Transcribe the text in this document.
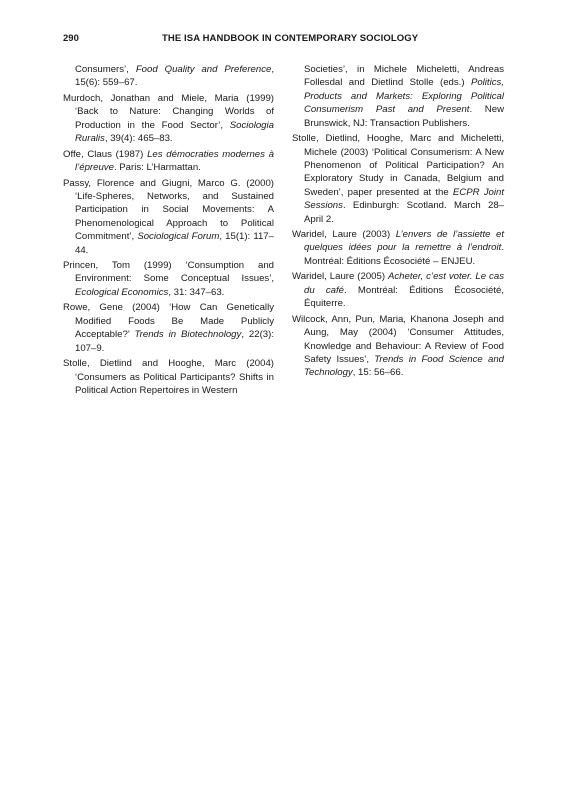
290	THE ISA HANDBOOK IN CONTEMPORARY SOCIOLOGY

Consumers’, Food Quality and Preference, 15(6): 559–67.

Murdoch, Jonathan and Miele, Maria (1999) ‘Back to Nature: Changing Worlds of Production in the Food Sector’, Sociologia Ruralis, 39(4): 465–83.

Offe, Claus (1987) Les démocraties modernes à l’épreuve. Paris: L’Harmattan.

Passy, Florence and Giugni, Marco G. (2000) ‘Life-Spheres, Networks, and Sustained Participation in Social Movements: A Phenomenological Approach to Political Commitment’, Sociological Forum, 15(1): 117–44.

Princen, Tom (1999) ‘Consumption and Environment: Some Conceptual Issues’, Ecological Economics, 31: 347–63.

Rowe, Gene (2004) ‘How Can Genetically Modified Foods Be Made Publicly Acceptable?’ Trends in Biotechnology, 22(3): 107–9.

Stolle, Dietlind and Hooghe, Marc (2004) ‘Consumers as Political Participants? Shifts in Political Action Repertoires in Western

Societies’, in Michele Micheletti, Andreas Follesdal and Dietlind Stolle (eds.) Politics, Products and Markets: Exploring Political Consumerism Past and Present. New Brunswick, NJ: Transaction Publishers.

Stolle, Dietlind, Hooghe, Marc and Micheletti, Michele (2003) ‘Political Consumerism: A New Phenomenon of Political Participation? An Exploratory Study in Canada, Belgium and Sweden’, paper presented at the ECPR Joint Sessions. Edinburgh: Scotland. March 28–April 2.

Waridel, Laure (2003) L’envers de l’assiette et quelques idées pour la remettre à l’endroit. Montréal: Éditions Écosociété – ENJEU.

Waridel, Laure (2005) Acheter, c’est voter. Le cas du café. Montréal: Éditions Écosociété, Équiterre.

Wilcock, Ann, Pun, Maria, Khanona Joseph and Aung, May (2004) ‘Consumer Attitudes, Knowledge and Behaviour: A Review of Food Safety Issues’, Trends in Food Science and Technology, 15: 56–66.
